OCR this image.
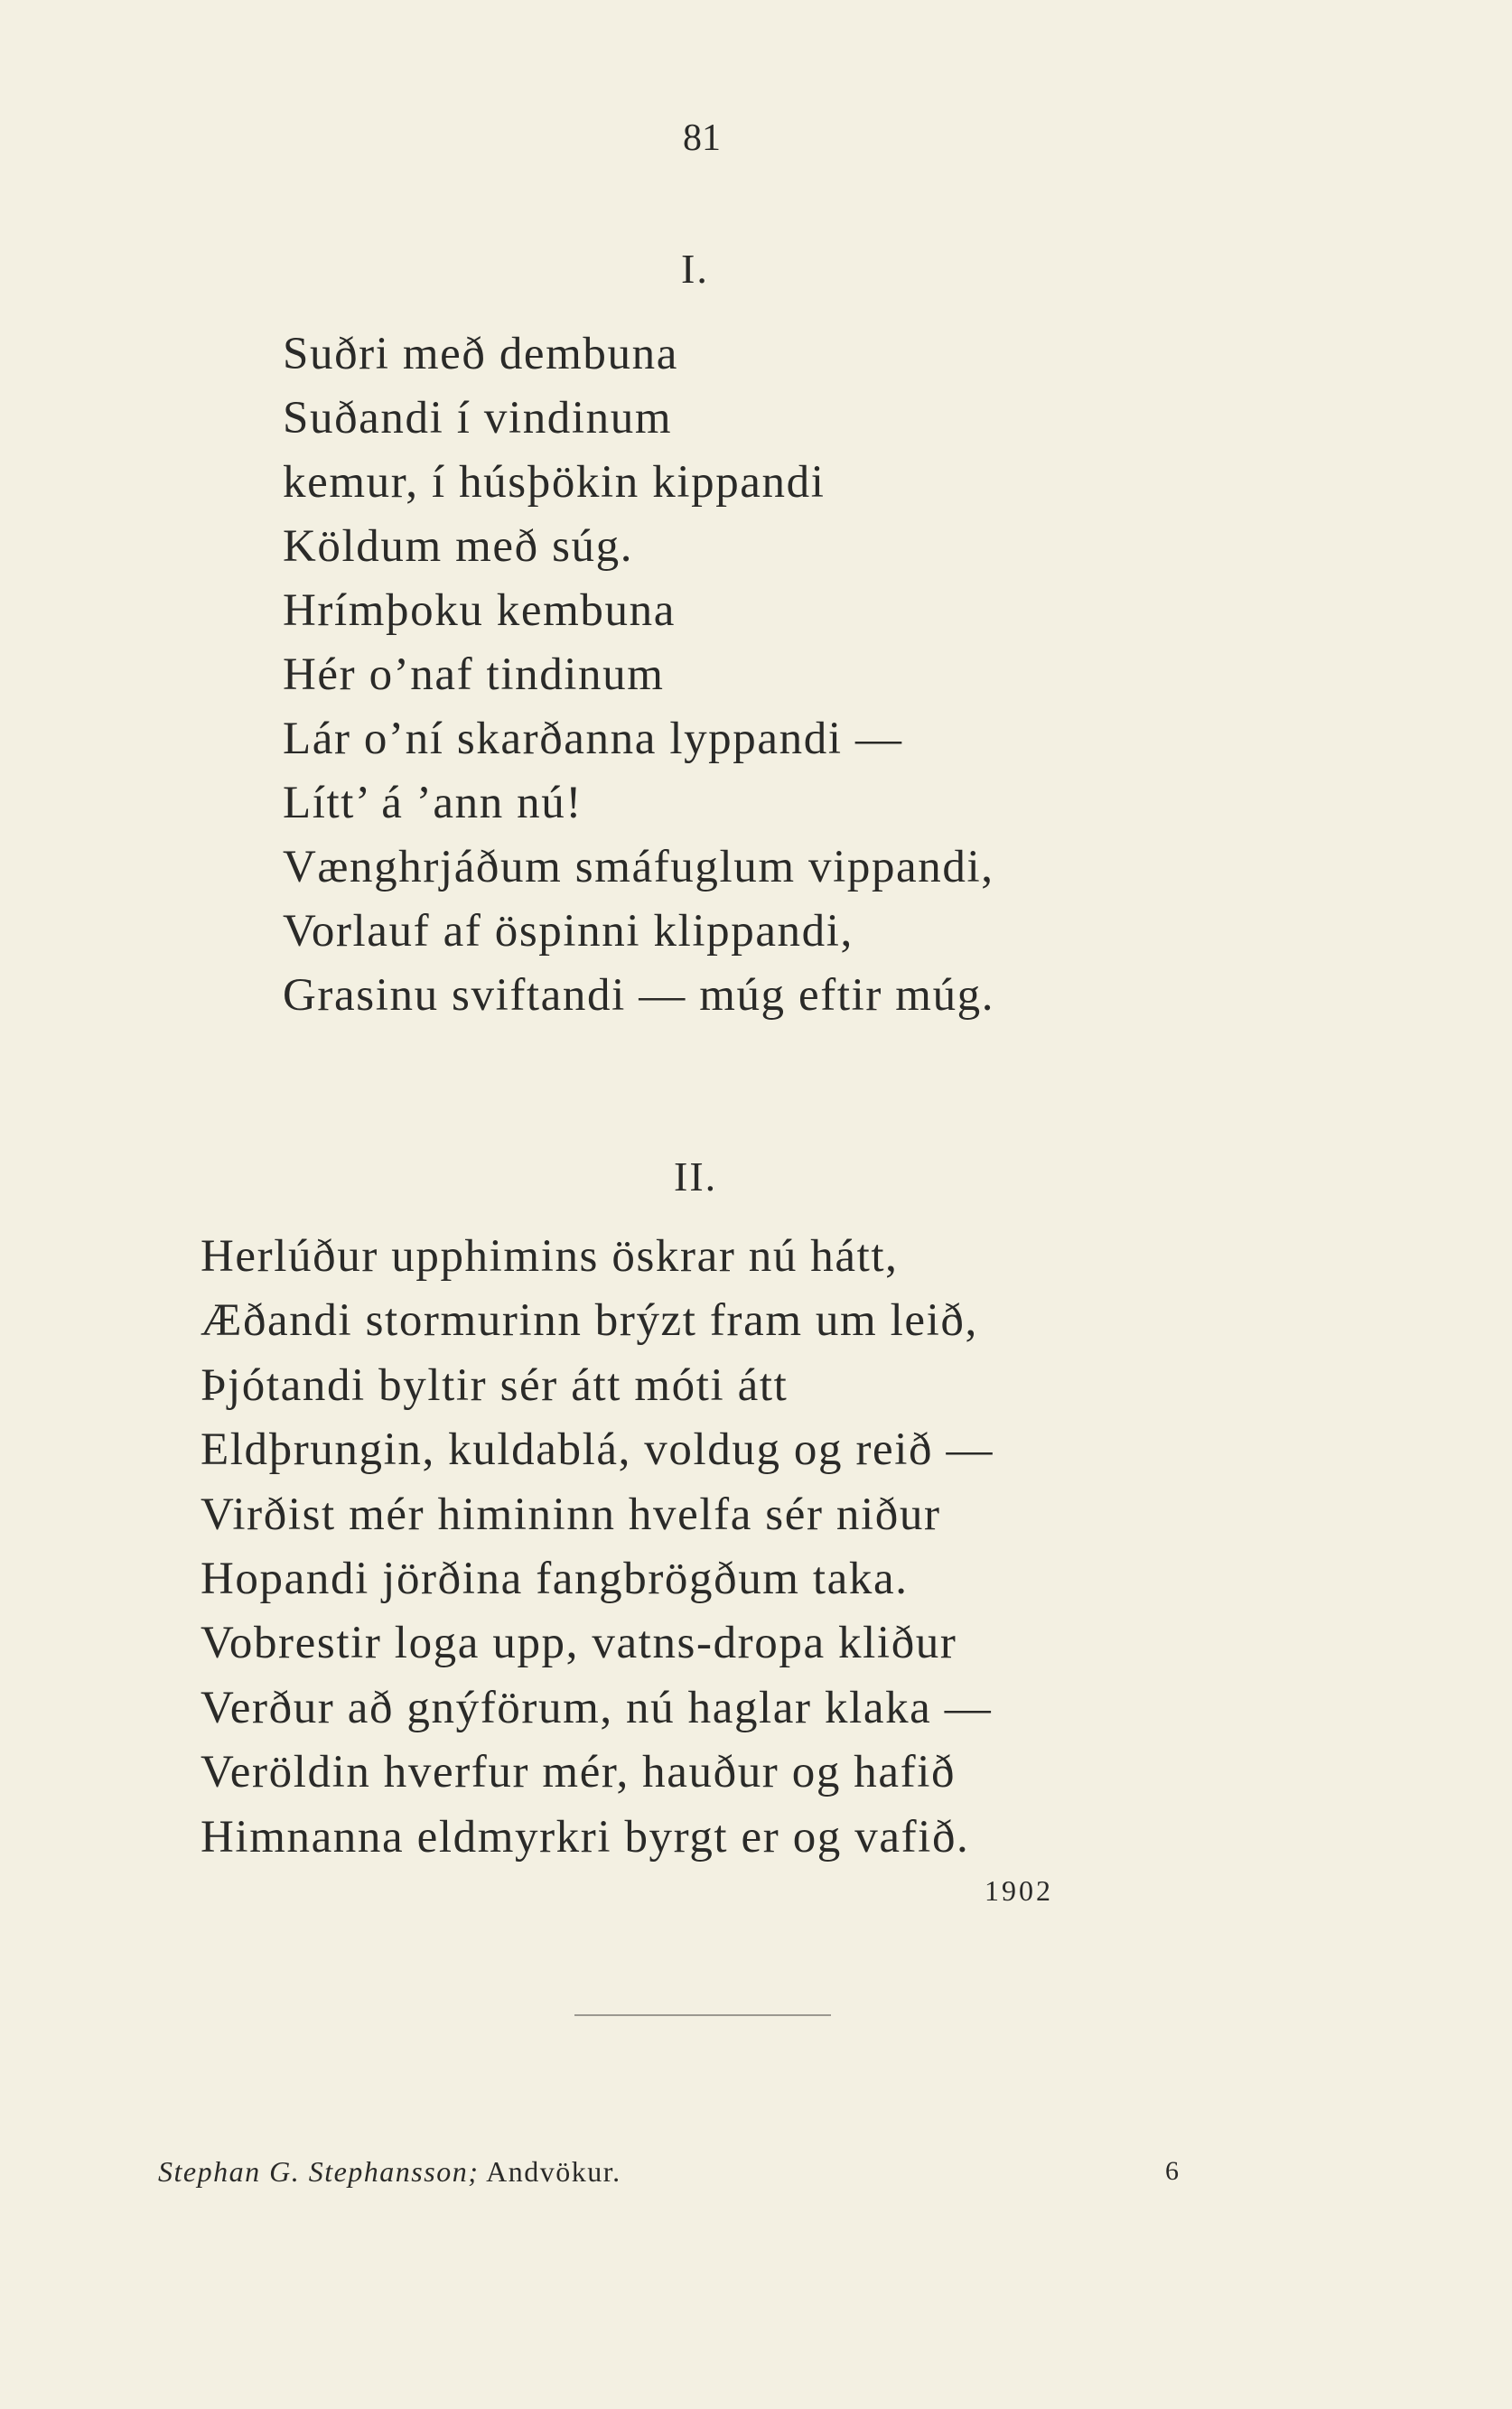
81
I.
Suðri með dembuna
Suðandi í vindinum
kemur, í húsþökin kippandi
Köldum með súg.
Hrímþoku kembuna
Hér o’naf tindinum
Lár o’ní skarðanna lyppandi —
Lítt’ á ’ann nú!
Vænghrjáðum smáfuglum vippandi,
Vorlauf af öspinni klippandi,
Grasinu sviftandi — múg eftir múg.
II.
Herlúður upphimins öskrar nú hátt,
Æðandi stormurinn brýzt fram um leið,
Þjótandi byltir sér átt móti átt
Eldþrungin, kuldablá, voldug og reið —
Virðist mér himininn hvelfa sér niður
Hopandi jörðina fangbrögðum taka.
Vobrestir loga upp, vatns-dropa kliður
Verður að gnýförum, nú haglar klaka —
Veröldin hverfur mér, hauður og hafið
Himnanna eldmyrkri byrgt er og vafið.
1902
Stephan G. Stephansson; Andvökur.	6
